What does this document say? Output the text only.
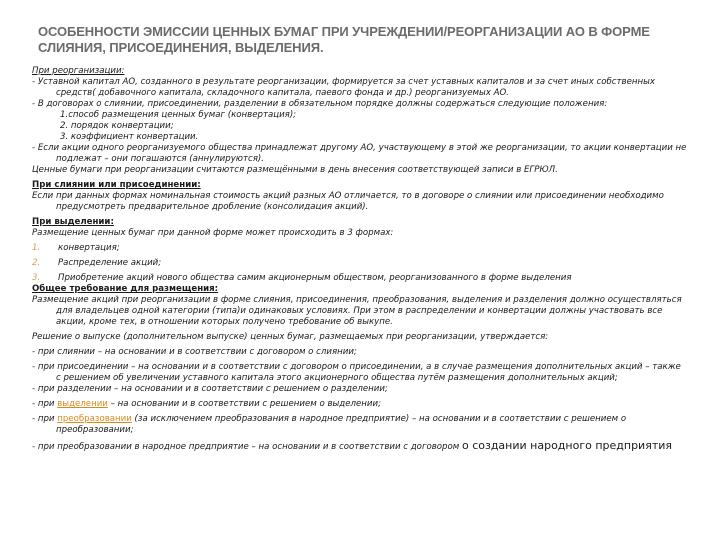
ОСОБЕННОСТИ ЭМИССИИ ЦЕННЫХ БУМАГ ПРИ УЧРЕЖДЕНИИ/РЕОРГАНИЗАЦИИ АО В ФОРМЕ СЛИЯНИЯ, ПРИСОЕДИНЕНИЯ, ВЫДЕЛЕНИЯ.
При реорганизации:

- Уставной капитал АО, созданного в результате реорганизации, формируется за счет уставных капиталов и за счет иных собственных средств( добавочного капитала, складочного капитала, паевого фонда и др.) реорганизуемых АО.

- В договорах о слиянии, присоединении, разделении в обязательном порядке должны содержаться следующие положения:

1.способ размещения ценных бумаг (конвертация);

2. порядок конвертации;

3. коэффициент конвертации.

- Если акции одного реорганизуемого общества принадлежат другому АО, участвующему в этой же реорганизации, то акции конвертации не подлежат – они погашаются (аннулируются).

Ценные бумаги при реорганизации считаются размещёнными в день внесения соответствующей записи в ЕГРЮЛ.

При слиянии или присоединении:

Если при данных формах номинальная стоимость акций разных АО отличается, то в договоре о слиянии или присоединении необходимо предусмотреть предварительное дробление (консолидация акций).

При выделении:

Размещение ценных бумаг при данной форме может происходить в 3 формах:

1. конвертация;

2. Распределение акций;

3. Приобретение акций нового общества самим акционерным обществом, реорганизованного в форме выделения

Общее требование для размещения:

Размещение акций при реорганизации в форме слияния, присоединения, преобразования, выделения и разделения должно осуществляться для владельцев одной категории (типа)и одинаковых условиях. При этом в распределении и конвертации должны участвовать все акции, кроме тех, в отношении которых получено требование об выкупе.

Решение о выпуске (дополнительном выпуске) ценных бумаг, размещаемых при реорганизации, утверждается:

- при слиянии – на основании и в соответствии с договором о слиянии;

- при присоединении – на основании и в соответствии с договором о присоединении, а в случае размещения дополнительных акций – также с решением об увеличении уставного капитала этого акционерного общества путём размещения дополнительных акций;

- при разделении – на основании и в соответствии с решением о разделении;

- при выделении – на основании и в соответствии с решением о выделении;

- при преобразовании (за исключением преобразования в народное предприятие) – на основании и в соответствии с решением о преобразовании;

- при преобразовании в народное предприятие – на основании и в соответствии с договором о создании народного предприятия
